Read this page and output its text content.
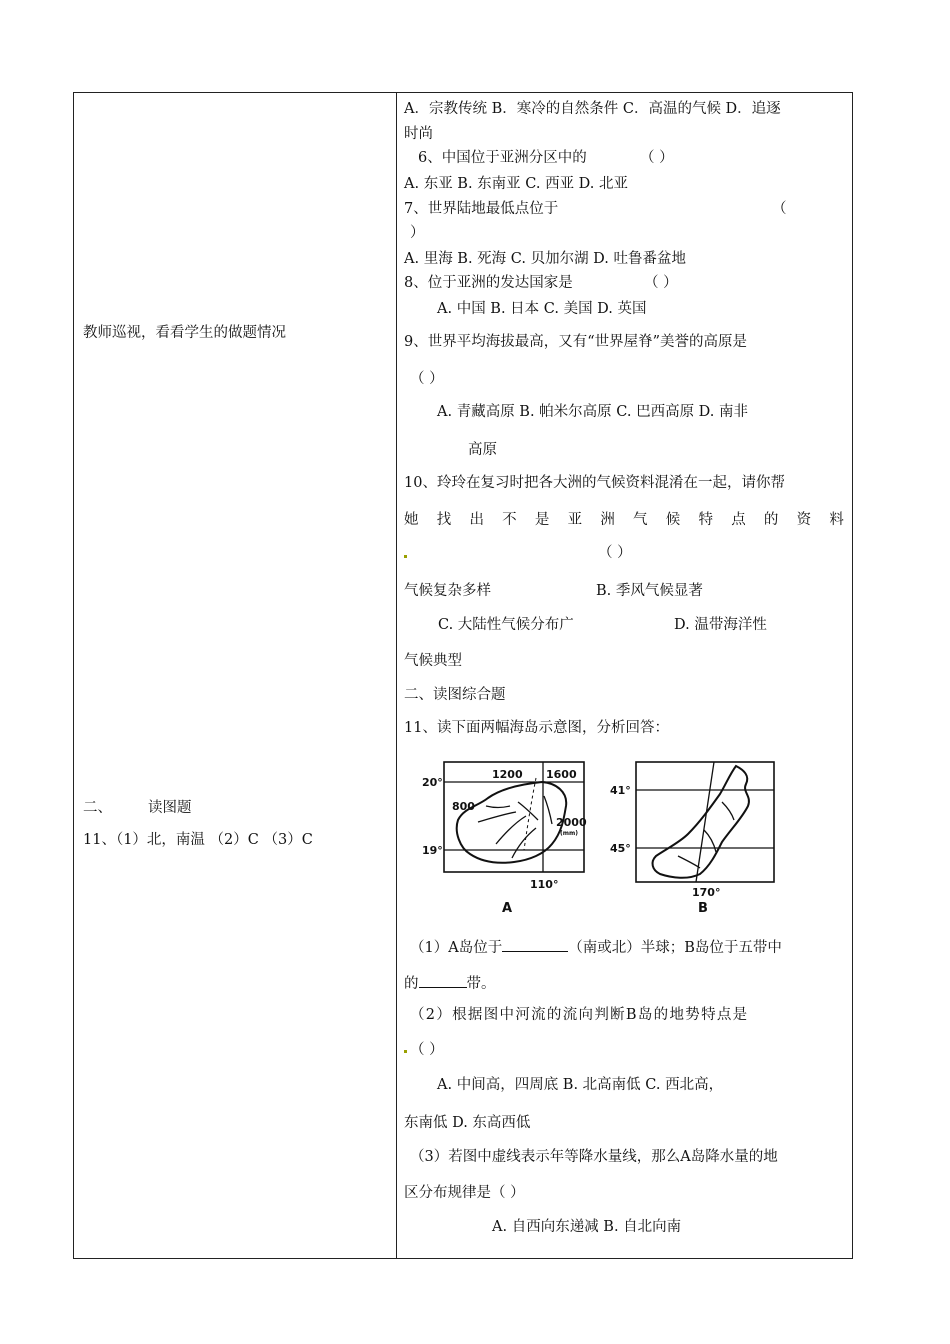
教师巡视，看看学生的做题情况
二、 读图题
11、（1）北，南温 （2）C （3）C
A．宗教传统 B．寒冷的自然条件 C．高温的气候 D．追逐
时尚
6、中国位于亚洲分区中的	（ ）
A. 东亚 B. 东南亚 C. 西亚 D. 北亚
7、世界陆地最低点位于	（
）
A. 里海 B. 死海 C. 贝加尔湖 D. 吐鲁番盆地
8、位于亚洲的发达国家是	（ ）
A. 中国 B. 日本 C. 美国 D. 英国
9、世界平均海拔最高，又有“世界屋脊”美誉的高原是
（ ）
A. 青藏高原 B. 帕米尔高原 C. 巴西高原 D. 南非
高原
10、玲玲在复习时把各大洲的气候资料混淆在一起，请你帮
她 找 出 不 是 亚 洲 气 候 特 点 的 资 料
（ ）
气候复杂多样	B. 季风气候显著
C. 大陆性气候分布广	D. 温带海洋性
气候典型
二、读图综合题
11、读下面两幅海岛示意图，分析回答：
20°
19°
1200 1600
800
2000
(mm)
110°
A
41°
45°
170°
B
（1）A岛位于	（南或北）半球；B岛位于五带中
的	带。
（2）根据图中河流的流向判断B岛的地势特点是
（ ）
A. 中间高，四周底 B. 北高南低 C. 西北高，
东南低 D. 东高西低
（3）若图中虚线表示年等降水量线，那么A岛降水量的地
区分布规律是（ ）
A. 自西向东递减 B. 自北向南
